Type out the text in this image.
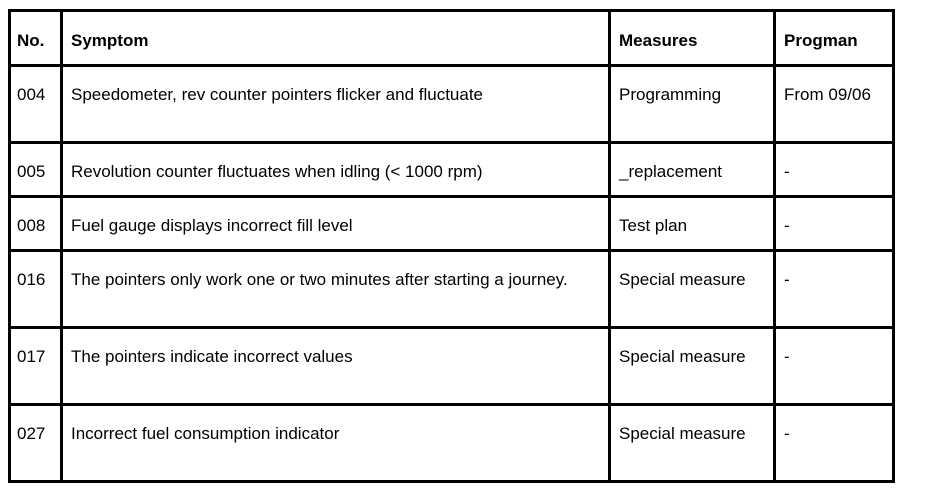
No.	Symptom	Measures	Progman
004	Speedometer, rev counter pointers flicker and fluctuate	Programming	From 09/06
005	Revolution counter fluctuates when idling (< 1000 rpm)	_replacement	-
008	Fuel gauge displays incorrect fill level	Test plan	-
016	The pointers only work one or two minutes after starting a journey.	Special measure	-
017	The pointers indicate incorrect values	Special measure	-
027	Incorrect fuel consumption indicator	Special measure	-
